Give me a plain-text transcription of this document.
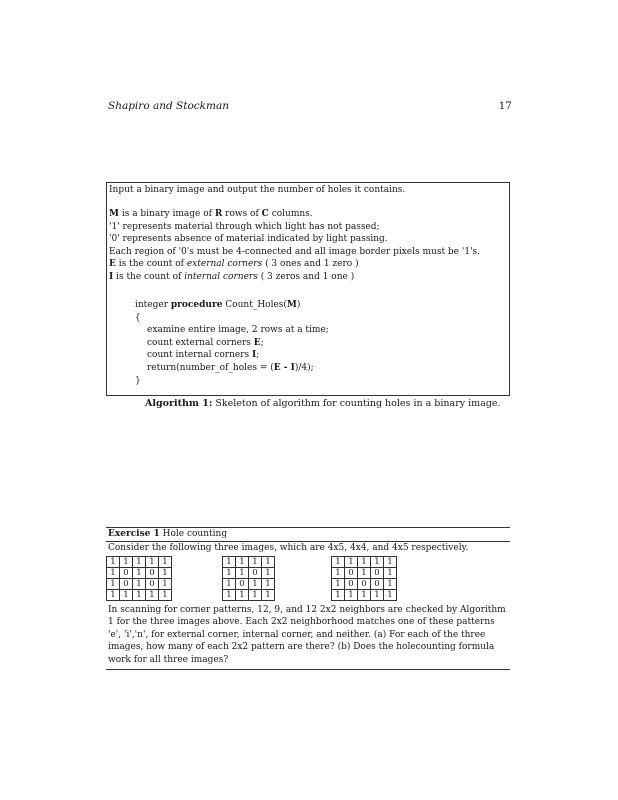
Shapiro and Stockman	17
Input a binary image and output the number of holes it contains.
M is a binary image of R rows of C columns.
'1' represents material through which light has not passed;
'0' represents absence of material indicated by light passing.
Each region of '0's must be 4-connected and all image border pixels must be '1's.
E is the count of external corners ( 3 ones and 1 zero )
I is the count of internal corners ( 3 zeros and 1 one )
integer procedure Count_Holes(M)
{
examine entire image, 2 rows at a time;
count external corners E;
count internal corners I;
return(number_of_holes = (E - I)/4);
}
Algorithm 1: Skeleton of algorithm for counting holes in a binary image.
Exercise 1 Hole counting
Consider the following three images, which are 4x5, 4x4, and 4x5 respectively.
1	1	1	1	1
1	0	1	0	1
1	0	1	0	1
1	1	1	1	1
1	1	1	1
1	1	0	1
1	0	1	1
1	1	1	1
1	1	1	1	1
1	0	1	0	1
1	0	0	0	1
1	1	1	1	1
In scanning for corner patterns, 12, 9, and 12 2x2 neighbors are checked by Algorithm 1 for the three images above. Each 2x2 neighborhood matches one of these patterns 'e', 'i','n', for external corner, internal corner, and neither. (a) For each of the three images, how many of each 2x2 pattern are there? (b) Does the holecounting formula work for all three images?
